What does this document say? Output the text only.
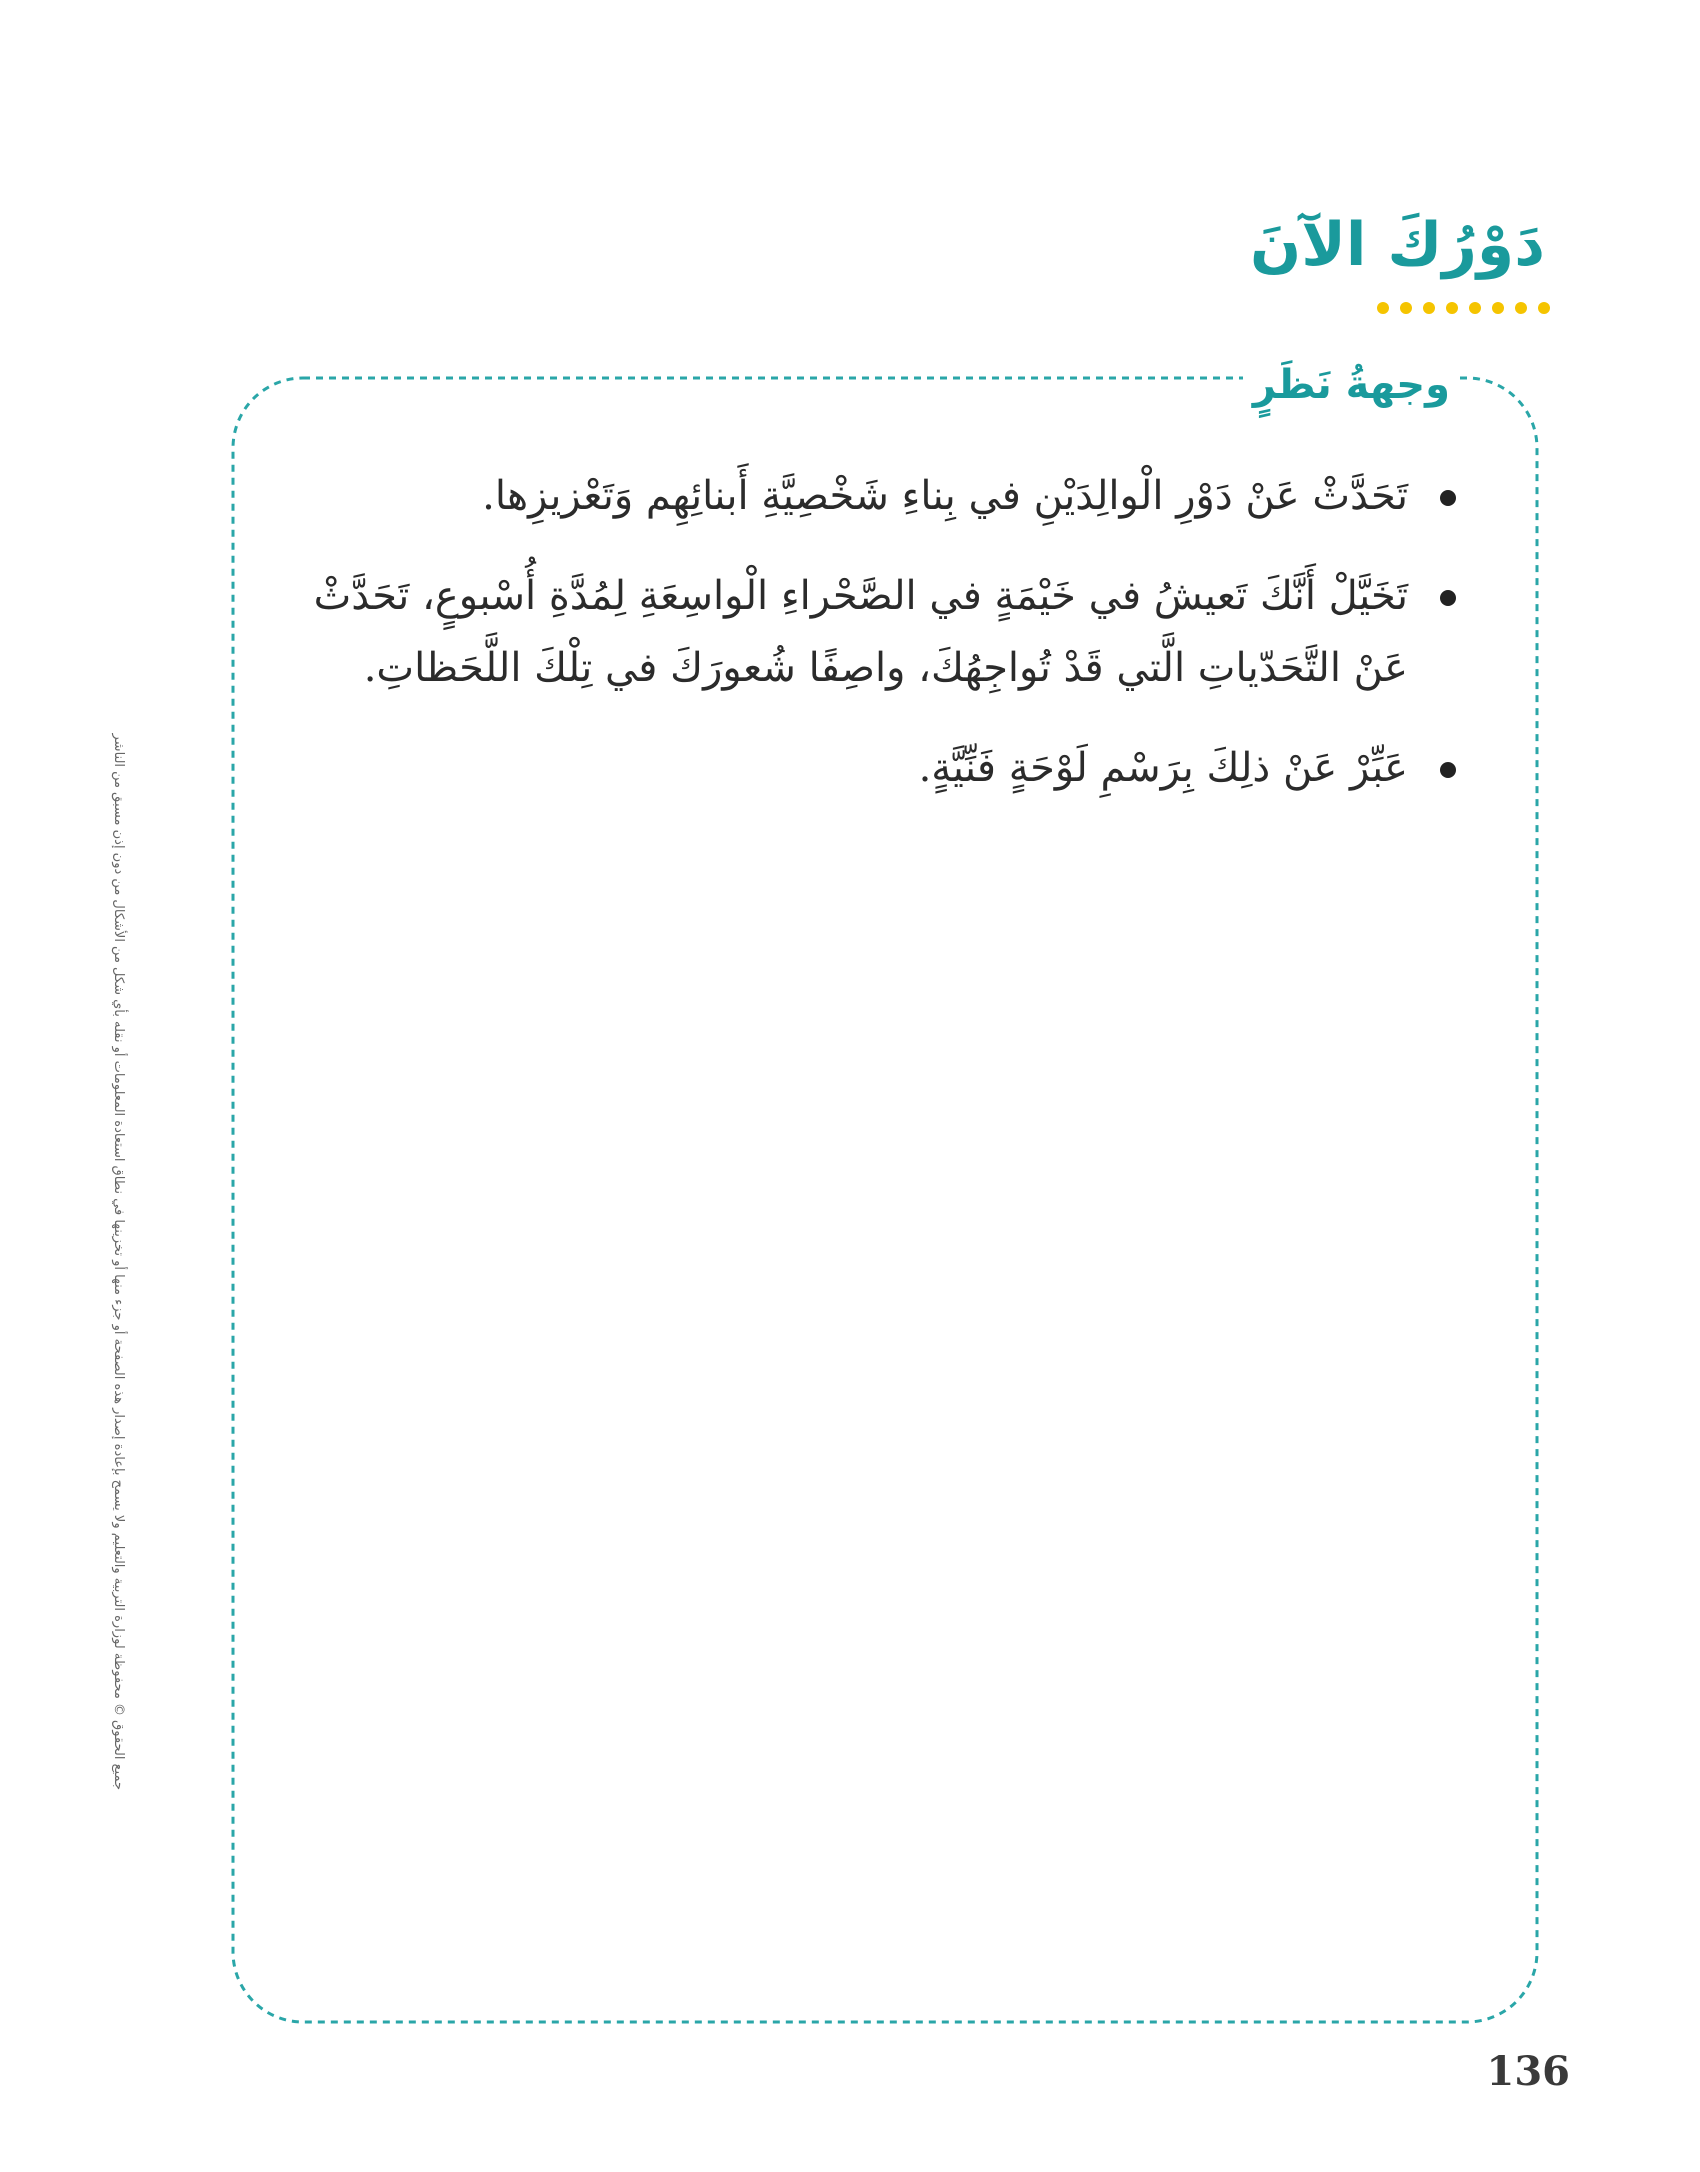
دَوْرُكَ الآنَ
وجهةُ نَظَرٍ
تَحَدَّثْ عَنْ دَوْرِ الْوالِدَيْنِ في بِناءِ شَخْصِيَّةِ أَبنائِهِم وَتَعْزيزِها.
تَخَيَّلْ أَنَّكَ تَعيشُ في خَيْمَةٍ في الصَّحْراءِ الْواسِعَةِ لِمُدَّةِ أُسْبوعٍ، تَحَدَّثْ عَنْ التَّحَدّياتِ الَّتي قَدْ تُواجِهُكَ، واصِفًا شُعورَكَ في تِلْكَ اللَّحَظاتِ.
عَبِّرْ عَنْ ذلِكَ بِرَسْمِ لَوْحَةٍ فَنِّيَّةٍ.
جميع الحقوق © محفوظة لوزارة التربية والتعليم ولا يسمح بإعادة إصدار هذه الصفحة أو جزء منها أو تخزينها في نطاق استعادة المعلومات أو نقله بأي شكل من الأشكال من دون إذن مسبق من الناشر
136
